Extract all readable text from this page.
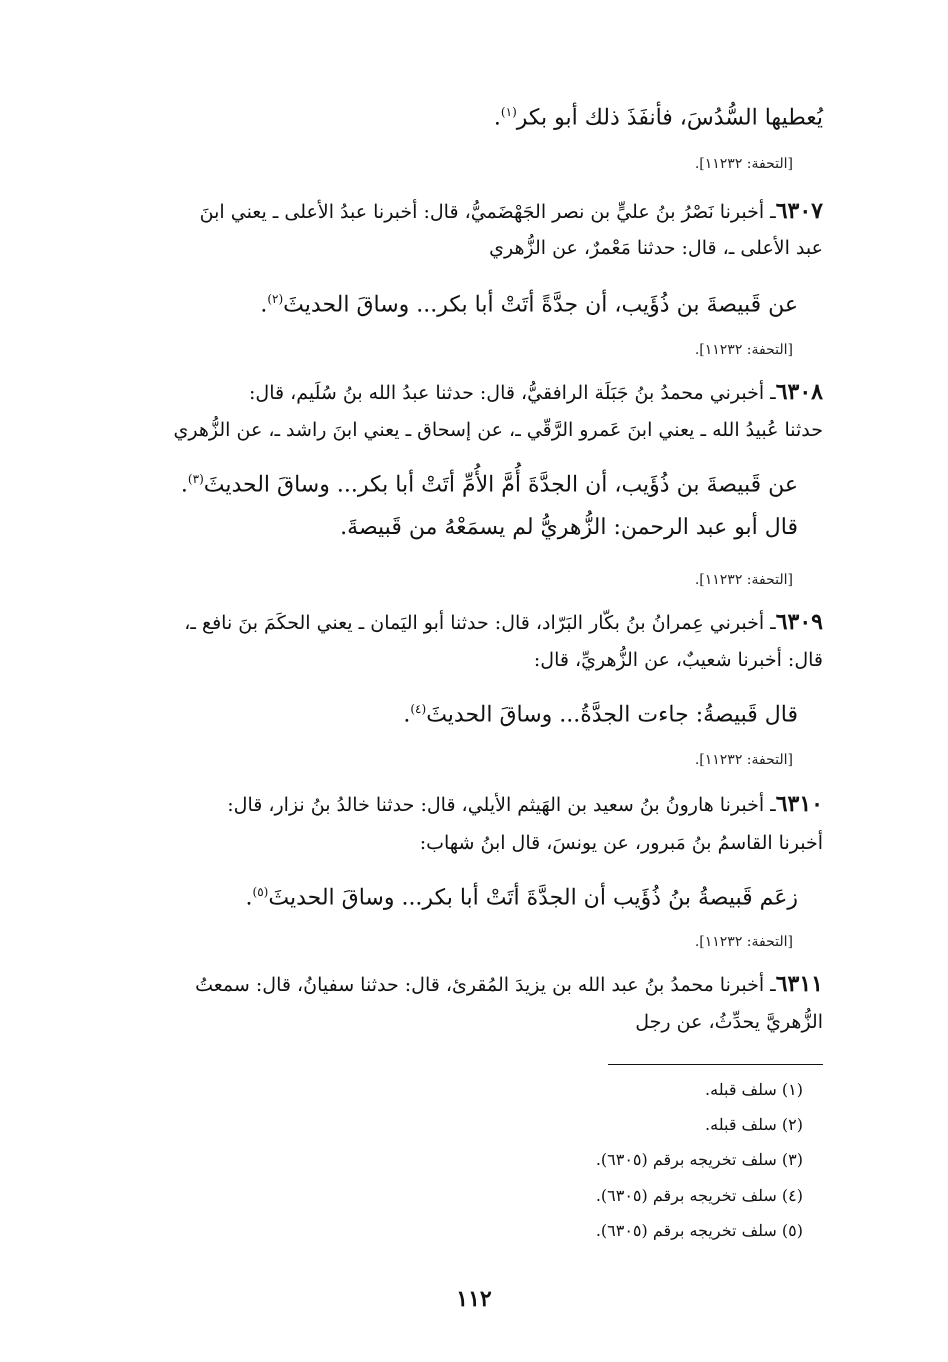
يُعطيها السُّدُسَ، فأنفَذَ ذلك أبو بكر$^{(١)}$.
[التحفة: ١١٢٣٢].
٦٣٠٧ـ أخبرنا نَصْرُ بنُ عليٍّ بن نصر الجَهْضَميُّ، قال: أخبرنا عبدُ الأعلى ـ يعني ابنَ
عبد الأعلى ـ، قال: حدثنا مَعْمرٌ، عن الزُّهري
عن قَبيصةَ بن ذُؤَيب، أن جدَّةً أتَتْ أبا بكر... وساقَ الحديثَ$^{(٢)}$.
[التحفة: ١١٢٣٢].
٦٣٠٨ـ أخبرني محمدُ بنُ جَبَلَة الرافقيُّ، قال: حدثنا عبدُ الله بنُ سُلَيم، قال:
حدثنا عُبيدُ الله ـ يعني ابنَ عَمرو الرَّقّي ـ، عن إسحاق ـ يعني ابنَ راشد ـ، عن الزُّهري
عن قَبيصةَ بن ذُؤَيب، أن الجدَّةَ أُمَّ الأُمِّ أتَتْ أبا بكر... وساقَ الحديثَ$^{(٣)}$.
قال أبو عبد الرحمن: الزُّهريُّ لم يسمَعْهُ من قَبيصةَ.
[التحفة: ١١٢٣٢].
٦٣٠٩ـ أخبرني عِمرانُ بنُ بكّار البَرّاد، قال: حدثنا أبو اليَمان ـ يعني الحكَمَ بنَ نافع ـ،
قال: أخبرنا شعيبٌ، عن الزُّهريِّ، قال:
قال قَبيصةُ: جاءت الجدَّةُ... وساقَ الحديثَ$^{(٤)}$.
[التحفة: ١١٢٣٢].
٦٣١٠ـ أخبرنا هارونُ بنُ سعيد بن الهَيثم الأيلي، قال: حدثنا خالدُ بنُ نزار، قال:
أخبرنا القاسمُ بنُ مَبرور، عن يونسَ، قال ابنُ شهاب:
زعَم قَبيصةُ بنُ ذُؤَيب أن الجدَّةَ أتَتْ أبا بكر... وساقَ الحديثَ$^{(٥)}$.
[التحفة: ١١٢٣٢].
٦٣١١ـ أخبرنا محمدُ بنُ عبد الله بن يزيدَ المُقرئ، قال: حدثنا سفيانُ، قال: سمعتُ
الزُّهريَّ يحدِّثُ، عن رجل
(١) سلف قبله.
(٢) سلف قبله.
(٣) سلف تخريجه برقم (٦٣٠٥).
(٤) سلف تخريجه برقم (٦٣٠٥).
(٥) سلف تخريجه برقم (٦٣٠٥).
١١٢
